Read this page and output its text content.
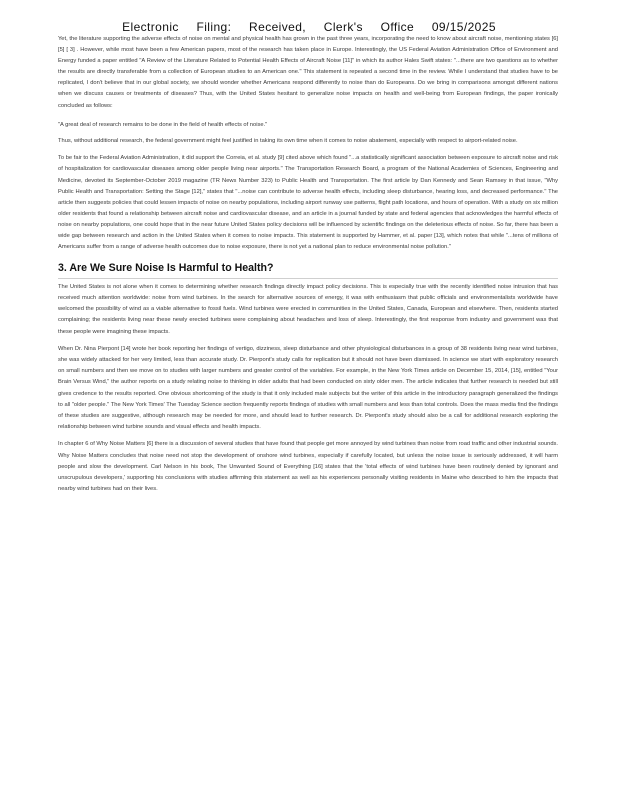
Electronic Filing: Received, Clerk's Office 09/15/2025

Yet, the literature supporting the adverse effects of noise on mental and physical health has grown in the past three years, incorporating the need to know about aircraft noise, mentioning states [6] [5] [ 3] . However, while most have been a few American papers, most of the research has taken place in Europe. Interestingly, the US Federal Aviation Administration Office of Environment and Energy funded a paper entitled "A Review of the Literature Related to Potential Health Effects of Aircraft Noise [11]" in which its author Hales Swift states: "...there are two questions as to whether the results are directly transferable from a collection of European studies to an American one." This statement is repeated a second time in the review. While I understand that studies have to be replicated, I don't believe that in our global society, we should wonder whether Americans respond differently to noise than do Europeans. Do we bring in comparisons amongst different nations when we discuss causes or treatments of diseases? Thus, with the United States hesitant to generalize noise impacts on health and well-being from European findings, the paper ironically concluded as follows:

"A great deal of research remains to be done in the field of health effects of noise."

Thus, without additional research, the federal government might feel justified in taking its own time when it comes to noise abatement, especially with respect to airport-related noise.

To be fair to the Federal Aviation Administration, it did support the Correia, et al. study [9] cited above which found "...a statistically significant association between exposure to aircraft noise and risk of hospitalization for cardiovascular diseases among older people living near airports." The Transportation Research Board, a program of the National Academies of Sciences, Engineering and Medicine, devoted its September-October 2019 magazine (TR News Number 323) to Public Health and Transportation. The first article by Dan Kennedy and Sean Ramsey in that issue, "Why Public Health and Transportation: Setting the Stage [12]," states that "...noise can contribute to adverse health effects, including sleep disturbance, hearing loss, and decreased performance." The article then suggests policies that could lessen impacts of noise on nearby populations, including airport runway use patterns, flight path locations, and hours of operation. With a study on six million older residents that found a relationship between aircraft noise and cardiovascular disease, and an article in a journal funded by state and federal agencies that acknowledges the harmful effects of noise on nearby populations, one could hope that in the near future United States policy decisions will be influenced by scientific findings on the deleterious effects of noise. So far, there has been a wide gap between research and action in the United States when it comes to noise impacts. This statement is supported by Hammer, et al. paper [13], which notes that while "...tens of millions of Americans suffer from a range of adverse health outcomes due to noise exposure, there is not yet a national plan to reduce environmental noise pollution."

3. Are We Sure Noise Is Harmful to Health?

The United States is not alone when it comes to determining whether research findings directly impact policy decisions. This is especially true with the recently identified noise intrusion that has received much attention worldwide: noise from wind turbines. In the search for alternative sources of energy, it was with enthusiasm that public officials and environmentalists worldwide have welcomed the possibility of wind as a viable alternative to fossil fuels. Wind turbines were erected in communities in the United States, Canada, European and elsewhere. Then, residents started complaining; the residents living near these newly erected turbines were complaining about headaches and loss of sleep. Interestingly, the first response from industry and government was that these people were imagining these impacts.

When Dr. Nina Pierpont [14] wrote her book reporting her findings of vertigo, dizziness, sleep disturbance and other physiological disturbances in a group of 38 residents living near wind turbines, she was widely attacked for her very limited, less than accurate study. Dr. Pierpont's study calls for replication but it should not have been dismissed. In science we start with exploratory research on small numbers and then we move on to studies with larger numbers and greater control of the variables. For example, in the New York Times article on December 15, 2014, [15], entitled "Your Brain Versus Wind," the author reports on a study relating noise to thinking in older adults that had been conducted on sixty older men. The article indicates that further research is needed but still gives credence to the results reported. One obvious shortcoming of the study is that it only included male subjects but the writer of this article in the introductory paragraph generalized the findings to all "older people." The New York Times' The Tuesday Science section frequently reports findings of studies with small numbers and less than total controls. Does the mass media find the findings of these studies are suggestive, although research may be needed for more, and should lead to further research. Dr. Pierpont's study should also be a call for additional research exploring the relationship between wind turbine sounds and visual effects and health impacts.

In chapter 6 of Why Noise Matters [6] there is a discussion of several studies that have found that people get more annoyed by wind turbines than noise from road traffic and other industrial sounds. Why Noise Matters concludes that noise need not stop the development of onshore wind turbines, especially if carefully located, but unless the noise issue is seriously addressed, it will harm people and slow the development. Carl Nelson in his book, The Unwanted Sound of Everything [16] states that the 'total effects of wind turbines have been routinely denied by ignorant and unscrupulous developers,' supporting his conclusions with studies affirming this statement as well as his experiences personally visiting residents in Maine who described to him the impacts that nearby wind turbines had on their lives.
